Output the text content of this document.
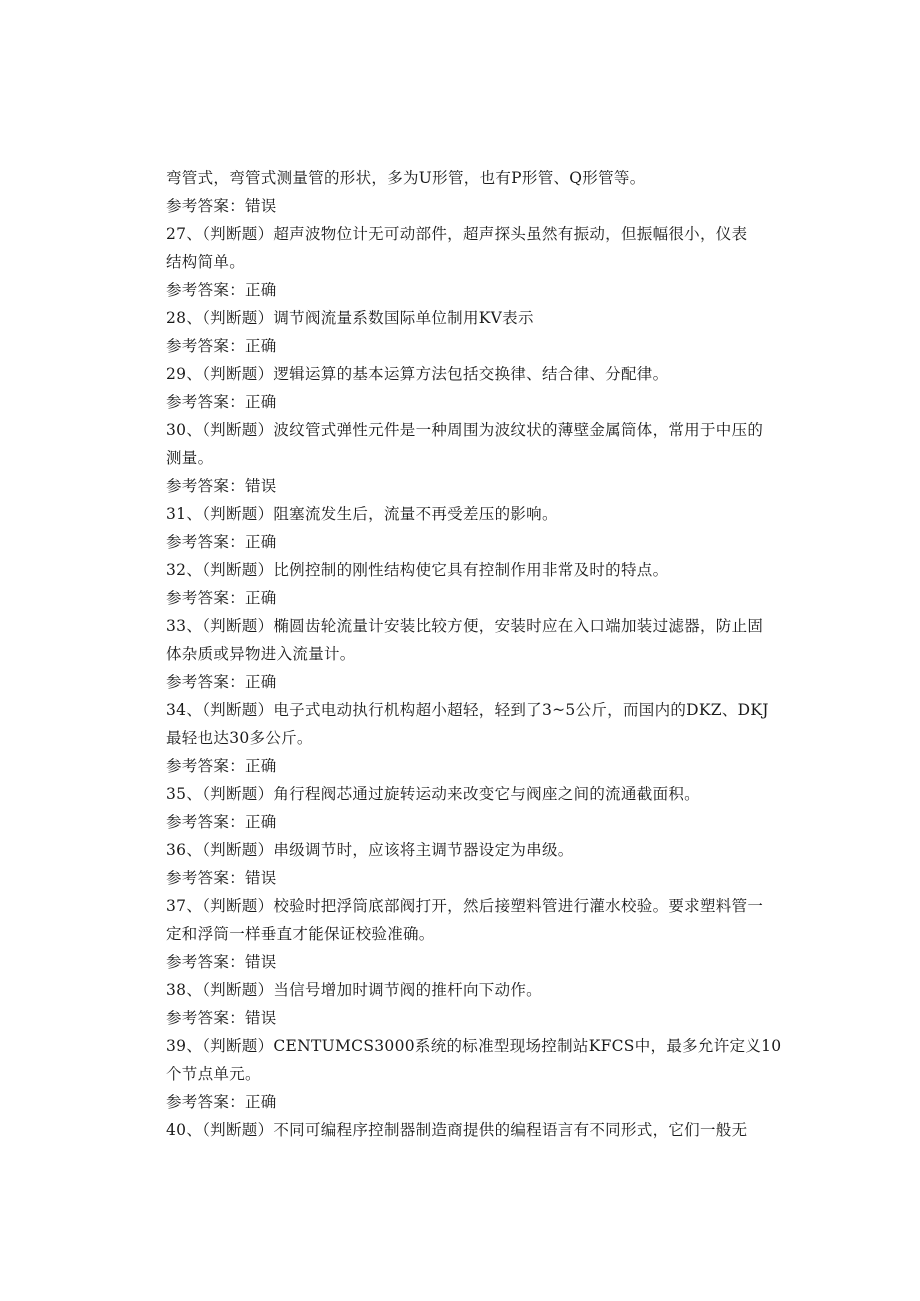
弯管式，弯管式测量管的形状，多为U形管，也有P形管、Q形管等。
参考答案：错误
27、（判断题）超声波物位计无可动部件，超声探头虽然有振动，但振幅很小，仪表
结构简单。
参考答案：正确
28、（判断题）调节阀流量系数国际单位制用KV表示
参考答案：正确
29、（判断题）逻辑运算的基本运算方法包括交换律、结合律、分配律。
参考答案：正确
30、（判断题）波纹管式弹性元件是一种周围为波纹状的薄壁金属筒体，常用于中压的
测量。
参考答案：错误
31、（判断题）阻塞流发生后，流量不再受差压的影响。
参考答案：正确
32、（判断题）比例控制的刚性结构使它具有控制作用非常及时的特点。
参考答案：正确
33、（判断题）椭圆齿轮流量计安装比较方便，安装时应在入口端加装过滤器，防止固
体杂质或异物进入流量计。
参考答案：正确
34、（判断题）电子式电动执行机构超小超轻，轻到了3~5公斤，而国内的DKZ、DKJ
最轻也达30多公斤。
参考答案：正确
35、（判断题）角行程阀芯通过旋转运动来改变它与阀座之间的流通截面积。
参考答案：正确
36、（判断题）串级调节时，应该将主调节器设定为串级。
参考答案：错误
37、（判断题）校验时把浮筒底部阀打开，然后接塑料管进行灌水校验。要求塑料管一
定和浮筒一样垂直才能保证校验准确。
参考答案：错误
38、（判断题）当信号增加时调节阀的推杆向下动作。
参考答案：错误
39、（判断题）CENTUMCS3000系统的标准型现场控制站KFCS中，最多允许定义10
个节点单元。
参考答案：正确
40、（判断题）不同可编程序控制器制造商提供的编程语言有不同形式，它们一般无
